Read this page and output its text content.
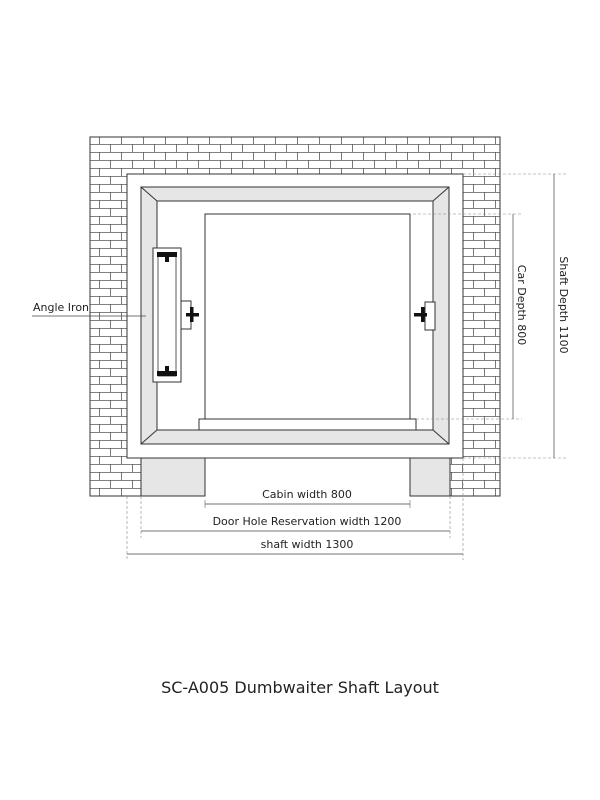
Angle Iron
Cabin width 800
Door Hole Reservation width 1200
shaft width 1300
Car Depth 800	Shaft Depth 1100
SC-A005 Dumbwaiter Shaft Layout
